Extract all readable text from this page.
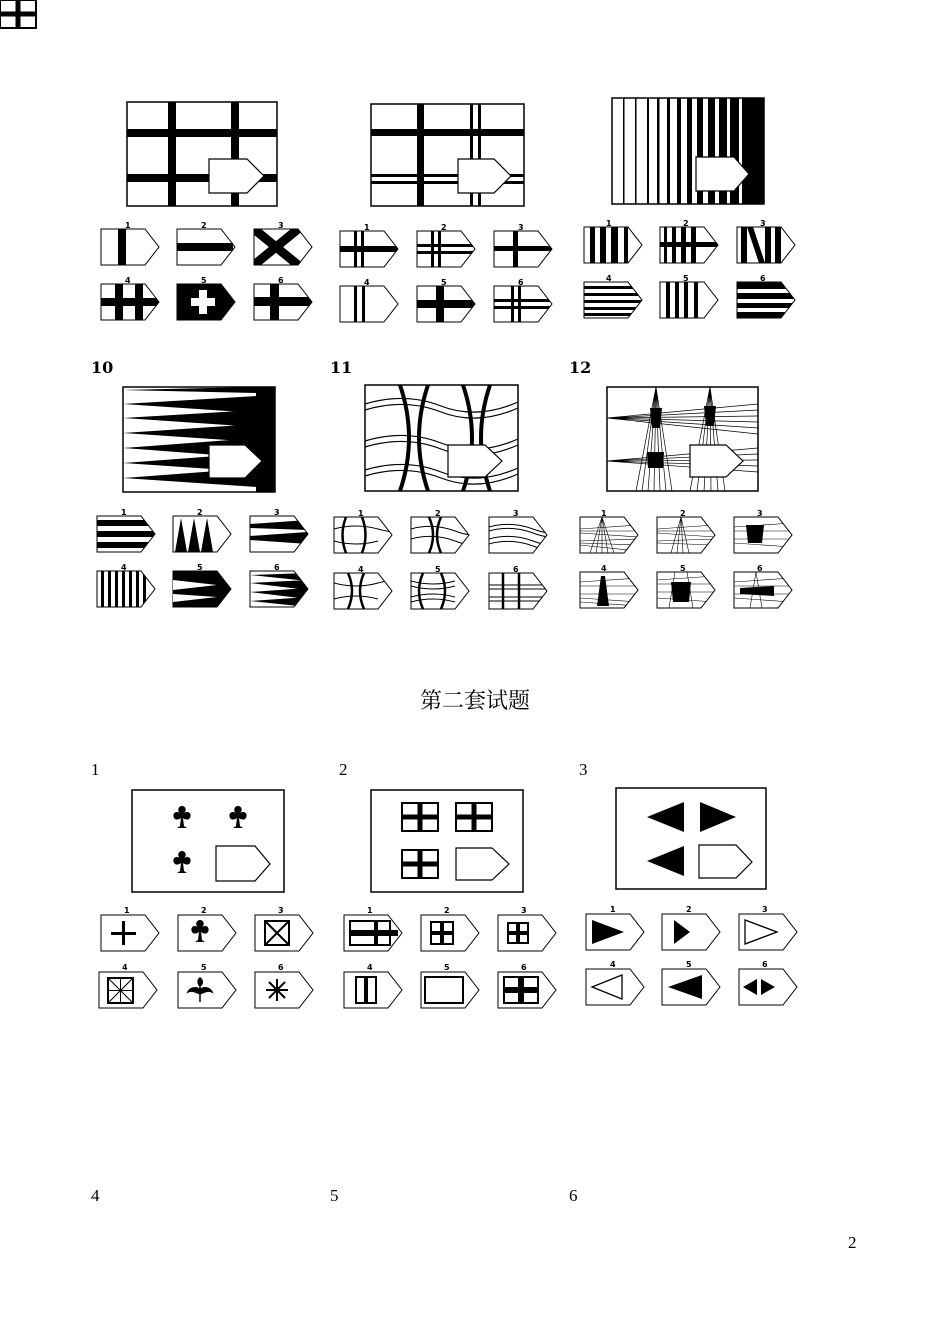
10	11	12
第二套试题
1	2	3
4	5	6
2
1	2	3
4	5	6
1	2	3
4	5	6
1	2	3
4	5	6
1	2	3
4	5	6
1	2	3
4	5	6
1	2	3
4	5	6
1	2	3
4	5	6
1	2	3
4	5	6
1	2	3
4	5	6
